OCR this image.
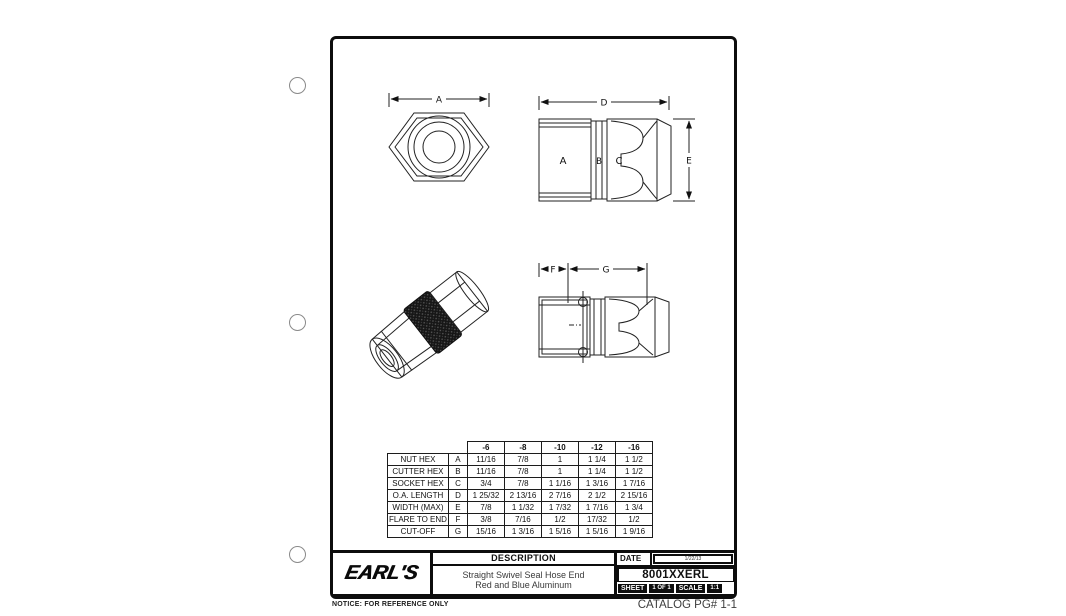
A	D
A	B C	E
F	G
		-6	-8	-10	-12	-16
NUT HEX	A	11/16	7/8	1	1 1/4	1 1/2
CUTTER HEX	B	11/16	7/8	1	1 1/4	1 1/2
SOCKET HEX	C	3/4	7/8	1 1/16	1 3/16	1 7/16
O.A. LENGTH	D	1 25/32	2 13/16	2 7/16	2 1/2	2 15/16
WIDTH (MAX)	E	7/8	1 1/32	1 7/32	1 7/16	1 3/4
FLARE TO END	F	3/8	7/16	1/2	17/32	1/2
CUT-OFF	G	15/16	1 3/16	1 5/16	1 5/16	1 9/16
EARL'S
DESCRIPTION
Straight Swivel Seal Hose End
Red and Blue Aluminum
DATE	1/22/13
8001XXERL
SHEET	1 OF 1	SCALE	1:1
NOTICE: FOR REFERENCE ONLY	CATALOG PG# 1-1
